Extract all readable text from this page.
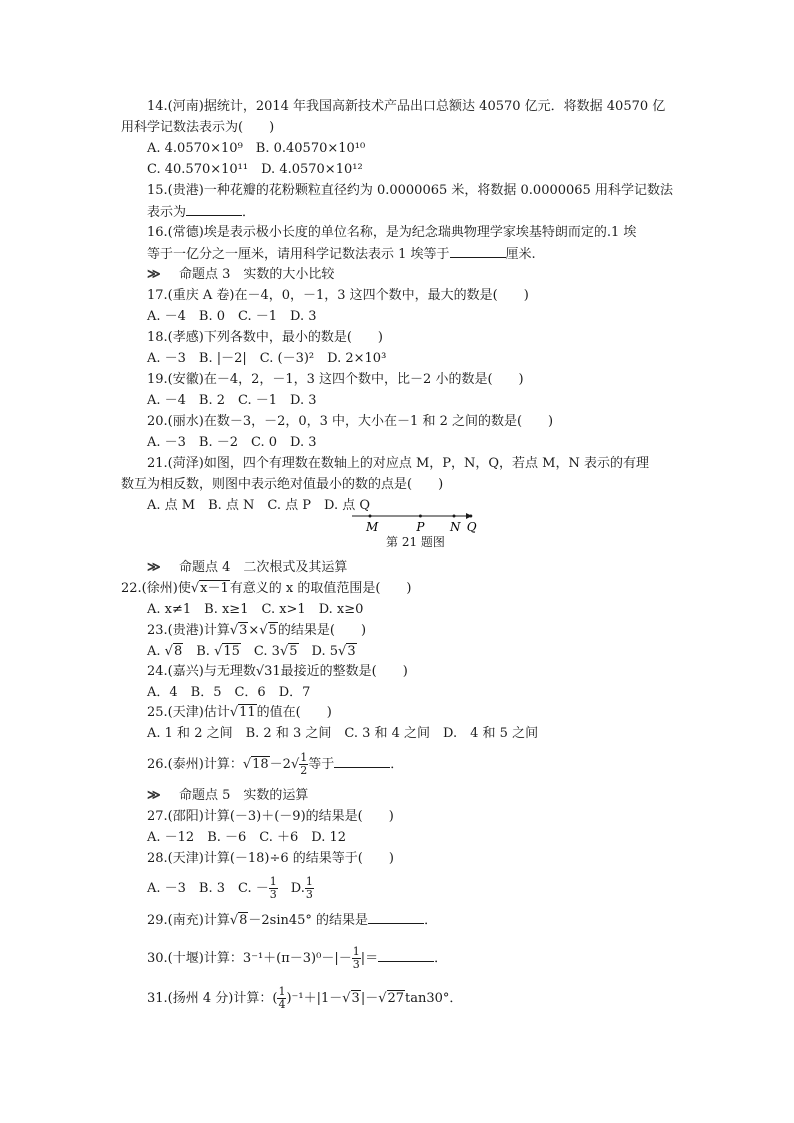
14.(河南)据统计，2014 年我国高新技术产品出口总额达 40570 亿元．将数据 40570 亿
用科学记数法表示为(　　)
A. 4.0570×10⁹　B. 0.40570×10¹⁰
C. 40.570×10¹¹　D. 4.0570×10¹²
15.(贵港)一种花瓣的花粉颗粒直径约为 0.0000065 米，将数据 0.0000065 用科学记数法
16.(常德)埃是表示极小长度的单位名称，是为纪念瑞典物理学家埃基特朗而定的.1 埃
17.(重庆 A 卷)在－4，0，－1，3 这四个数中，最大的数是(　　)
A. －4　B. 0　C. －1　D. 3
18.(孝感)下列各数中，最小的数是(　　)
A. －3　B. |－2|　C. (－3)²　D. 2×10³
19.(安徽)在－4，2，－1，3 这四个数中，比－2 小的数是(　　)
A. －4　B. 2　C. －1　D. 3
20.(丽水)在数－3，－2，0，3 中，大小在－1 和 2 之间的数是(　　)
A. －3　B. －2　C. 0　D. 3
21.(菏泽)如图，四个有理数在数轴上的对应点 M，P，N，Q，若点 M，N 表示的有理
数互为相反数，则图中表示绝对值最小的数的点是(　　)
A. 点 M　B. 点 N　C. 点 P　D. 点 Q
A. x≠1　B. x≥1　C. x>1　D. x≥0
24.(嘉兴)与无理数√31最接近的整数是(　　)
A．4　B．5　C．6　D．7
A. 1 和 2 之间　B. 2 和 3 之间　C. 3 和 4 之间　D.　4 和 5 之间
27.(邵阳)计算(－3)＋(－9)的结果是(　　)
A. －12　B. －6　C. ＋6　D. 12
28.(天津)计算(－18)÷6 的结果等于(　　)
表示为	．
等于一亿分之一厘米，请用科学记数法表示 1 埃等于	厘米.
≫ 命题点 3　实数的大小比较
≫ 命题点 4　二次根式及其运算
≫ 命题点 5　实数的运算
M	P N Q
第 21 题图
22.(徐州)使√x－1有意义的 x 的取值范围是(　　)
23.(贵港)计算√3×√5的结果是(　　)
A. √8　B. √15　C. 3√5　D. 5√3
25.(天津)估计√11的值在(　　)
26.(泰州)计算：$√18-2√ \frac{1}{2}$ 等于	．
A. －3　B. 3　C. － $\frac{1}{3}$ 　D. $\frac{1}{3}$
29.(南充)计算√8－2sin45° 的结果是	．
30.(十堰)计算：$3^{-1}+(\pi-3)^0-|- \frac{1}{3}$ |＝	．
31.(扬州 4 分)计算：( $\frac{1}{4} )^{-1}+|1-√3|-√27\tan 30^\circ$．
